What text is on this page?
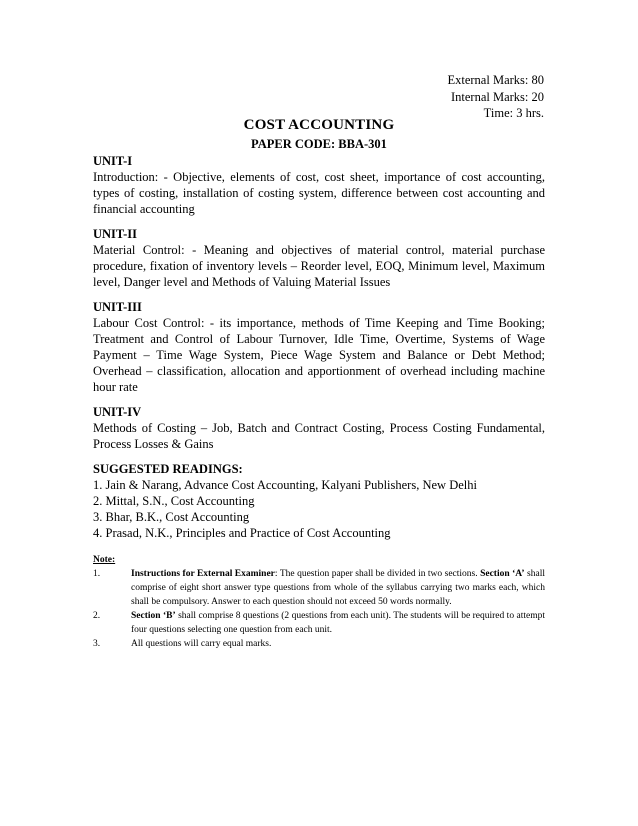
External Marks: 80
Internal Marks: 20
Time: 3 hrs.
COST ACCOUNTING
PAPER CODE: BBA-301
UNIT-I
Introduction: - Objective, elements of cost, cost sheet, importance of cost accounting, types of costing, installation of costing system, difference between cost accounting and financial accounting
UNIT-II
Material Control: - Meaning and objectives of material control, material purchase procedure, fixation of inventory levels – Reorder level, EOQ, Minimum level, Maximum level, Danger level and Methods of Valuing Material Issues
UNIT-III
Labour Cost Control: - its importance, methods of Time Keeping and Time Booking; Treatment and Control of Labour Turnover, Idle Time, Overtime, Systems of Wage Payment – Time Wage System, Piece Wage System and Balance or Debt Method; Overhead – classification, allocation and apportionment of overhead including machine hour rate
UNIT-IV
Methods of Costing – Job, Batch and Contract Costing, Process Costing Fundamental, Process Losses & Gains
SUGGESTED READINGS:
1. Jain & Narang, Advance Cost Accounting, Kalyani Publishers, New Delhi
2. Mittal, S.N., Cost Accounting
3. Bhar, B.K., Cost Accounting
4. Prasad, N.K., Principles and Practice of Cost Accounting
Note:
1.	Instructions for External Examiner: The question paper shall be divided in two sections. Section ‘A’ shall comprise of eight short answer type questions from whole of the syllabus carrying two marks each, which shall be compulsory. Answer to each question should not exceed 50 words normally.
2.	Section ‘B’ shall comprise 8 questions (2 questions from each unit). The students will be required to attempt four questions selecting one question from each unit.
3.	All questions will carry equal marks.
